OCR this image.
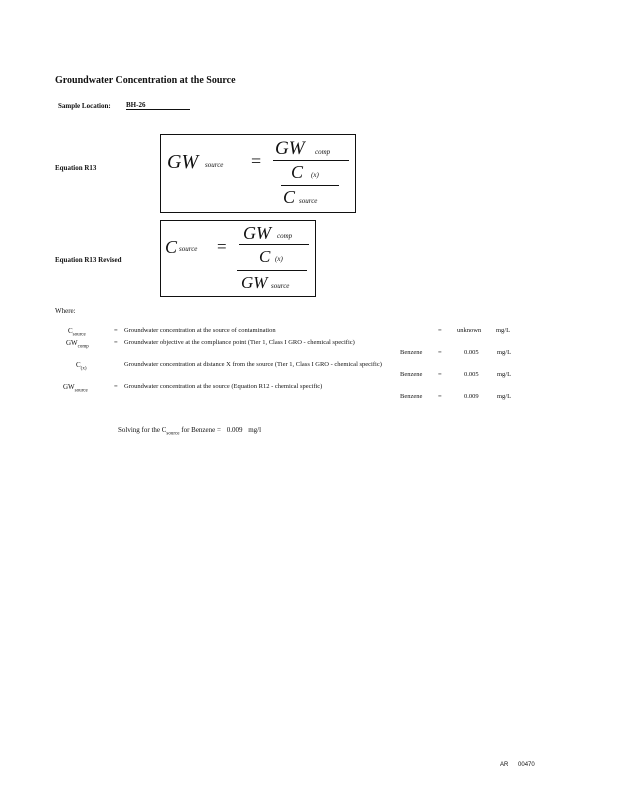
Groundwater Concentration at the Source
Sample Location: BH-26
Equation R13	GW source =
GW comp
C (x)
C source
Equation R13 Revised
C source =
GW comp
C (x)
GW source
Where:
$C_{source}$
= Groundwater concentration at the source of contamination	= unknown mg/L
$GW_{comp}$
= Groundwater objective at the compliance point (Tier 1, Class I GRO - chemical specific)
Benzene =	0.005	mg/L
$C_{(x)}$
Groundwater concentration at distance X from the source (Tier 1, Class I GRO - chemical specific)
Benzene =	0.005	mg/L
$GW_{source}$
= Groundwater concentration at the source (Equation R12 - chemical specific)
Benzene =	0.009	mg/L
Solving for the $C_{source}$ for Benzene = 0.009 mg/l
AR 00470
